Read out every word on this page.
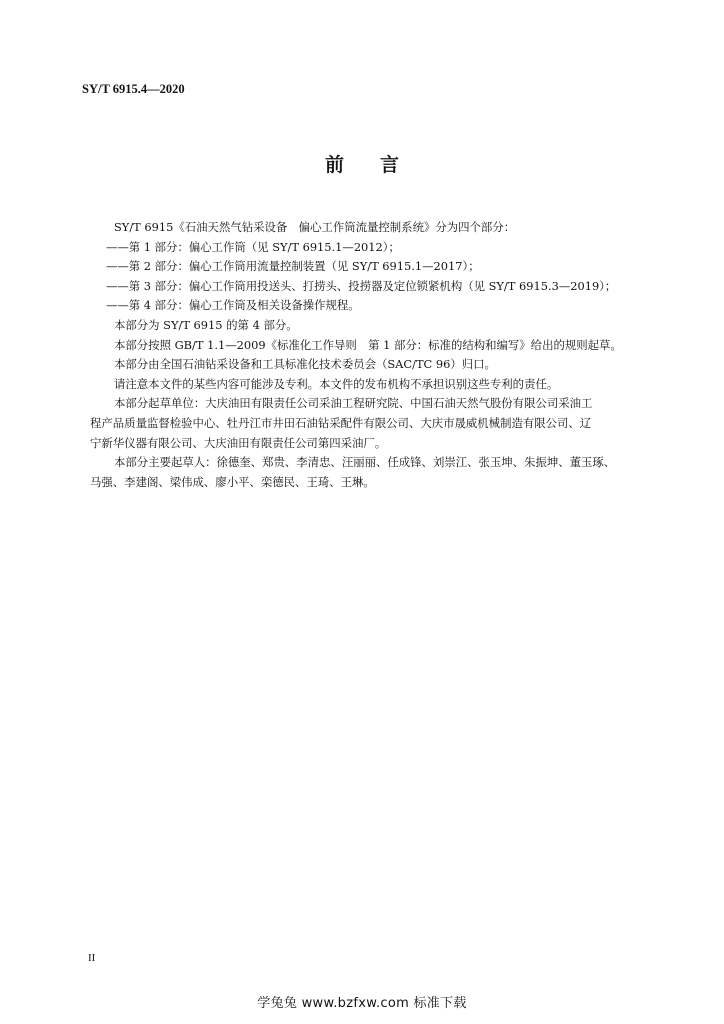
SY/T 6915.4—2020
前言
SY/T 6915《石油天然气钻采设备　偏心工作筒流量控制系统》分为四个部分：
——第 1 部分：偏心工作筒（见 SY/T 6915.1—2012）；
——第 2 部分：偏心工作筒用流量控制装置（见 SY/T 6915.1—2017）；
——第 3 部分：偏心工作筒用投送头、打捞头、投捞器及定位锁紧机构（见 SY/T 6915.3—2019）；
——第 4 部分：偏心工作筒及相关设备操作规程。
本部分为 SY/T 6915 的第 4 部分。
本部分按照 GB/T 1.1—2009《标准化工作导则　第 1 部分：标准的结构和编写》给出的规则起草。
本部分由全国石油钻采设备和工具标准化技术委员会（SAC/TC 96）归口。
请注意本文件的某些内容可能涉及专利。本文件的发布机构不承担识别这些专利的责任。
本部分起草单位：大庆油田有限责任公司采油工程研究院、中国石油天然气股份有限公司采油工
程产品质量监督检验中心、牡丹江市井田石油钻采配件有限公司、大庆市晟威机械制造有限公司、辽
宁新华仪器有限公司、大庆油田有限责任公司第四采油厂。
本部分主要起草人：徐德奎、郑贵、李清忠、汪丽丽、任成锋、刘崇江、张玉坤、朱振坤、董玉琢、
马强、李建阁、梁伟成、廖小平、栾德民、王琦、王琳。
II
学兔兔 www.bzfxw.com 标准下载
